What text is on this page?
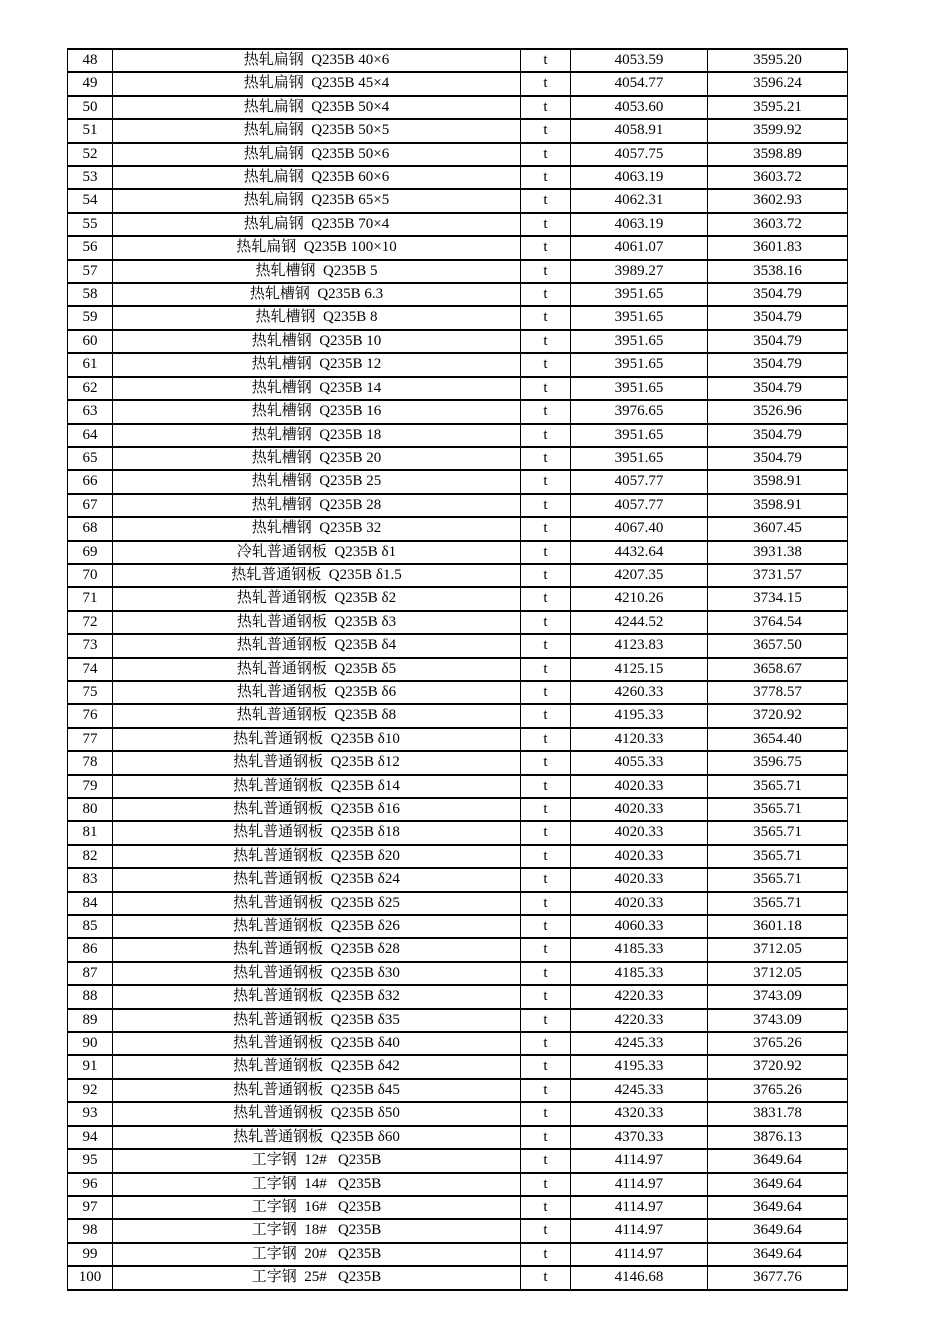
48	热轧扁钢  Q235B 40×6	t	4053.59	3595.20
49	热轧扁钢  Q235B 45×4	t	4054.77	3596.24
50	热轧扁钢  Q235B 50×4	t	4053.60	3595.21
51	热轧扁钢  Q235B 50×5	t	4058.91	3599.92
52	热轧扁钢  Q235B 50×6	t	4057.75	3598.89
53	热轧扁钢  Q235B 60×6	t	4063.19	3603.72
54	热轧扁钢  Q235B 65×5	t	4062.31	3602.93
55	热轧扁钢  Q235B 70×4	t	4063.19	3603.72
56	热轧扁钢  Q235B 100×10	t	4061.07	3601.83
57	热轧槽钢  Q235B 5	t	3989.27	3538.16
58	热轧槽钢  Q235B 6.3	t	3951.65	3504.79
59	热轧槽钢  Q235B 8	t	3951.65	3504.79
60	热轧槽钢  Q235B 10	t	3951.65	3504.79
61	热轧槽钢  Q235B 12	t	3951.65	3504.79
62	热轧槽钢  Q235B 14	t	3951.65	3504.79
63	热轧槽钢  Q235B 16	t	3976.65	3526.96
64	热轧槽钢  Q235B 18	t	3951.65	3504.79
65	热轧槽钢  Q235B 20	t	3951.65	3504.79
66	热轧槽钢  Q235B 25	t	4057.77	3598.91
67	热轧槽钢  Q235B 28	t	4057.77	3598.91
68	热轧槽钢  Q235B 32	t	4067.40	3607.45
69	冷轧普通钢板  Q235B δ1	t	4432.64	3931.38
70	热轧普通钢板  Q235B δ1.5	t	4207.35	3731.57
71	热轧普通钢板  Q235B δ2	t	4210.26	3734.15
72	热轧普通钢板  Q235B δ3	t	4244.52	3764.54
73	热轧普通钢板  Q235B δ4	t	4123.83	3657.50
74	热轧普通钢板  Q235B δ5	t	4125.15	3658.67
75	热轧普通钢板  Q235B δ6	t	4260.33	3778.57
76	热轧普通钢板  Q235B δ8	t	4195.33	3720.92
77	热轧普通钢板  Q235B δ10	t	4120.33	3654.40
78	热轧普通钢板  Q235B δ12	t	4055.33	3596.75
79	热轧普通钢板  Q235B δ14	t	4020.33	3565.71
80	热轧普通钢板  Q235B δ16	t	4020.33	3565.71
81	热轧普通钢板  Q235B δ18	t	4020.33	3565.71
82	热轧普通钢板  Q235B δ20	t	4020.33	3565.71
83	热轧普通钢板  Q235B δ24	t	4020.33	3565.71
84	热轧普通钢板  Q235B δ25	t	4020.33	3565.71
85	热轧普通钢板  Q235B δ26	t	4060.33	3601.18
86	热轧普通钢板  Q235B δ28	t	4185.33	3712.05
87	热轧普通钢板  Q235B δ30	t	4185.33	3712.05
88	热轧普通钢板  Q235B δ32	t	4220.33	3743.09
89	热轧普通钢板  Q235B δ35	t	4220.33	3743.09
90	热轧普通钢板  Q235B δ40	t	4245.33	3765.26
91	热轧普通钢板  Q235B δ42	t	4195.33	3720.92
92	热轧普通钢板  Q235B δ45	t	4245.33	3765.26
93	热轧普通钢板  Q235B δ50	t	4320.33	3831.78
94	热轧普通钢板  Q235B δ60	t	4370.33	3876.13
95	工字钢  12#   Q235B	t	4114.97	3649.64
96	工字钢  14#   Q235B	t	4114.97	3649.64
97	工字钢  16#   Q235B	t	4114.97	3649.64
98	工字钢  18#   Q235B	t	4114.97	3649.64
99	工字钢  20#   Q235B	t	4114.97	3649.64
100	工字钢  25#   Q235B	t	4146.68	3677.76
